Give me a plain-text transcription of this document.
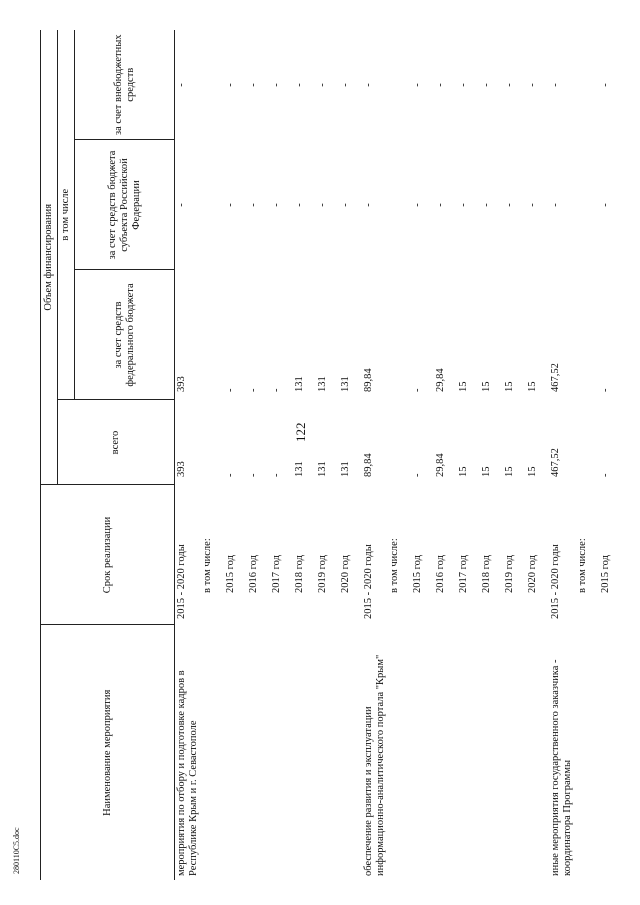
122
280110C5.doc
Наименование мероприятия	Срок реализации	Объем финансирования			
		всего	в том числе		
			за счет средств федерального бюджета	за счет средств бюджета субъекта Российской Федерации	за счет внебюджетных средств
мероприятия по отбору и подготовке кадров в Республике Крым и г. Севастополе	2015 - 2020 годы	393	393	-	-
	в том числе:				
	2015 год	-	-	-	-
	2016 год	-	-	-	-
	2017 год	-	-	-	-
	2018 год	131	131	-	-
	2019 год	131	131	-	-
	2020 год	131	131	-	-
обеспечение развития и эксплуатации информационно-аналитического портала "Крым"	2015 - 2020 годы	89,84	89,84	-	-
	в том числе:				
	2015 год	-	-	-	-
	2016 год	29,84	29,84	-	-
	2017 год	15	15	-	-
	2018 год	15	15	-	-
	2019 год	15	15	-	-
	2020 год	15	15	-	-
иные мероприятия государственного заказчика - координатора Программы	2015 - 2020 годы	467,52	467,52	-	-
	в том числе:				
	2015 год	-	-	-	-
